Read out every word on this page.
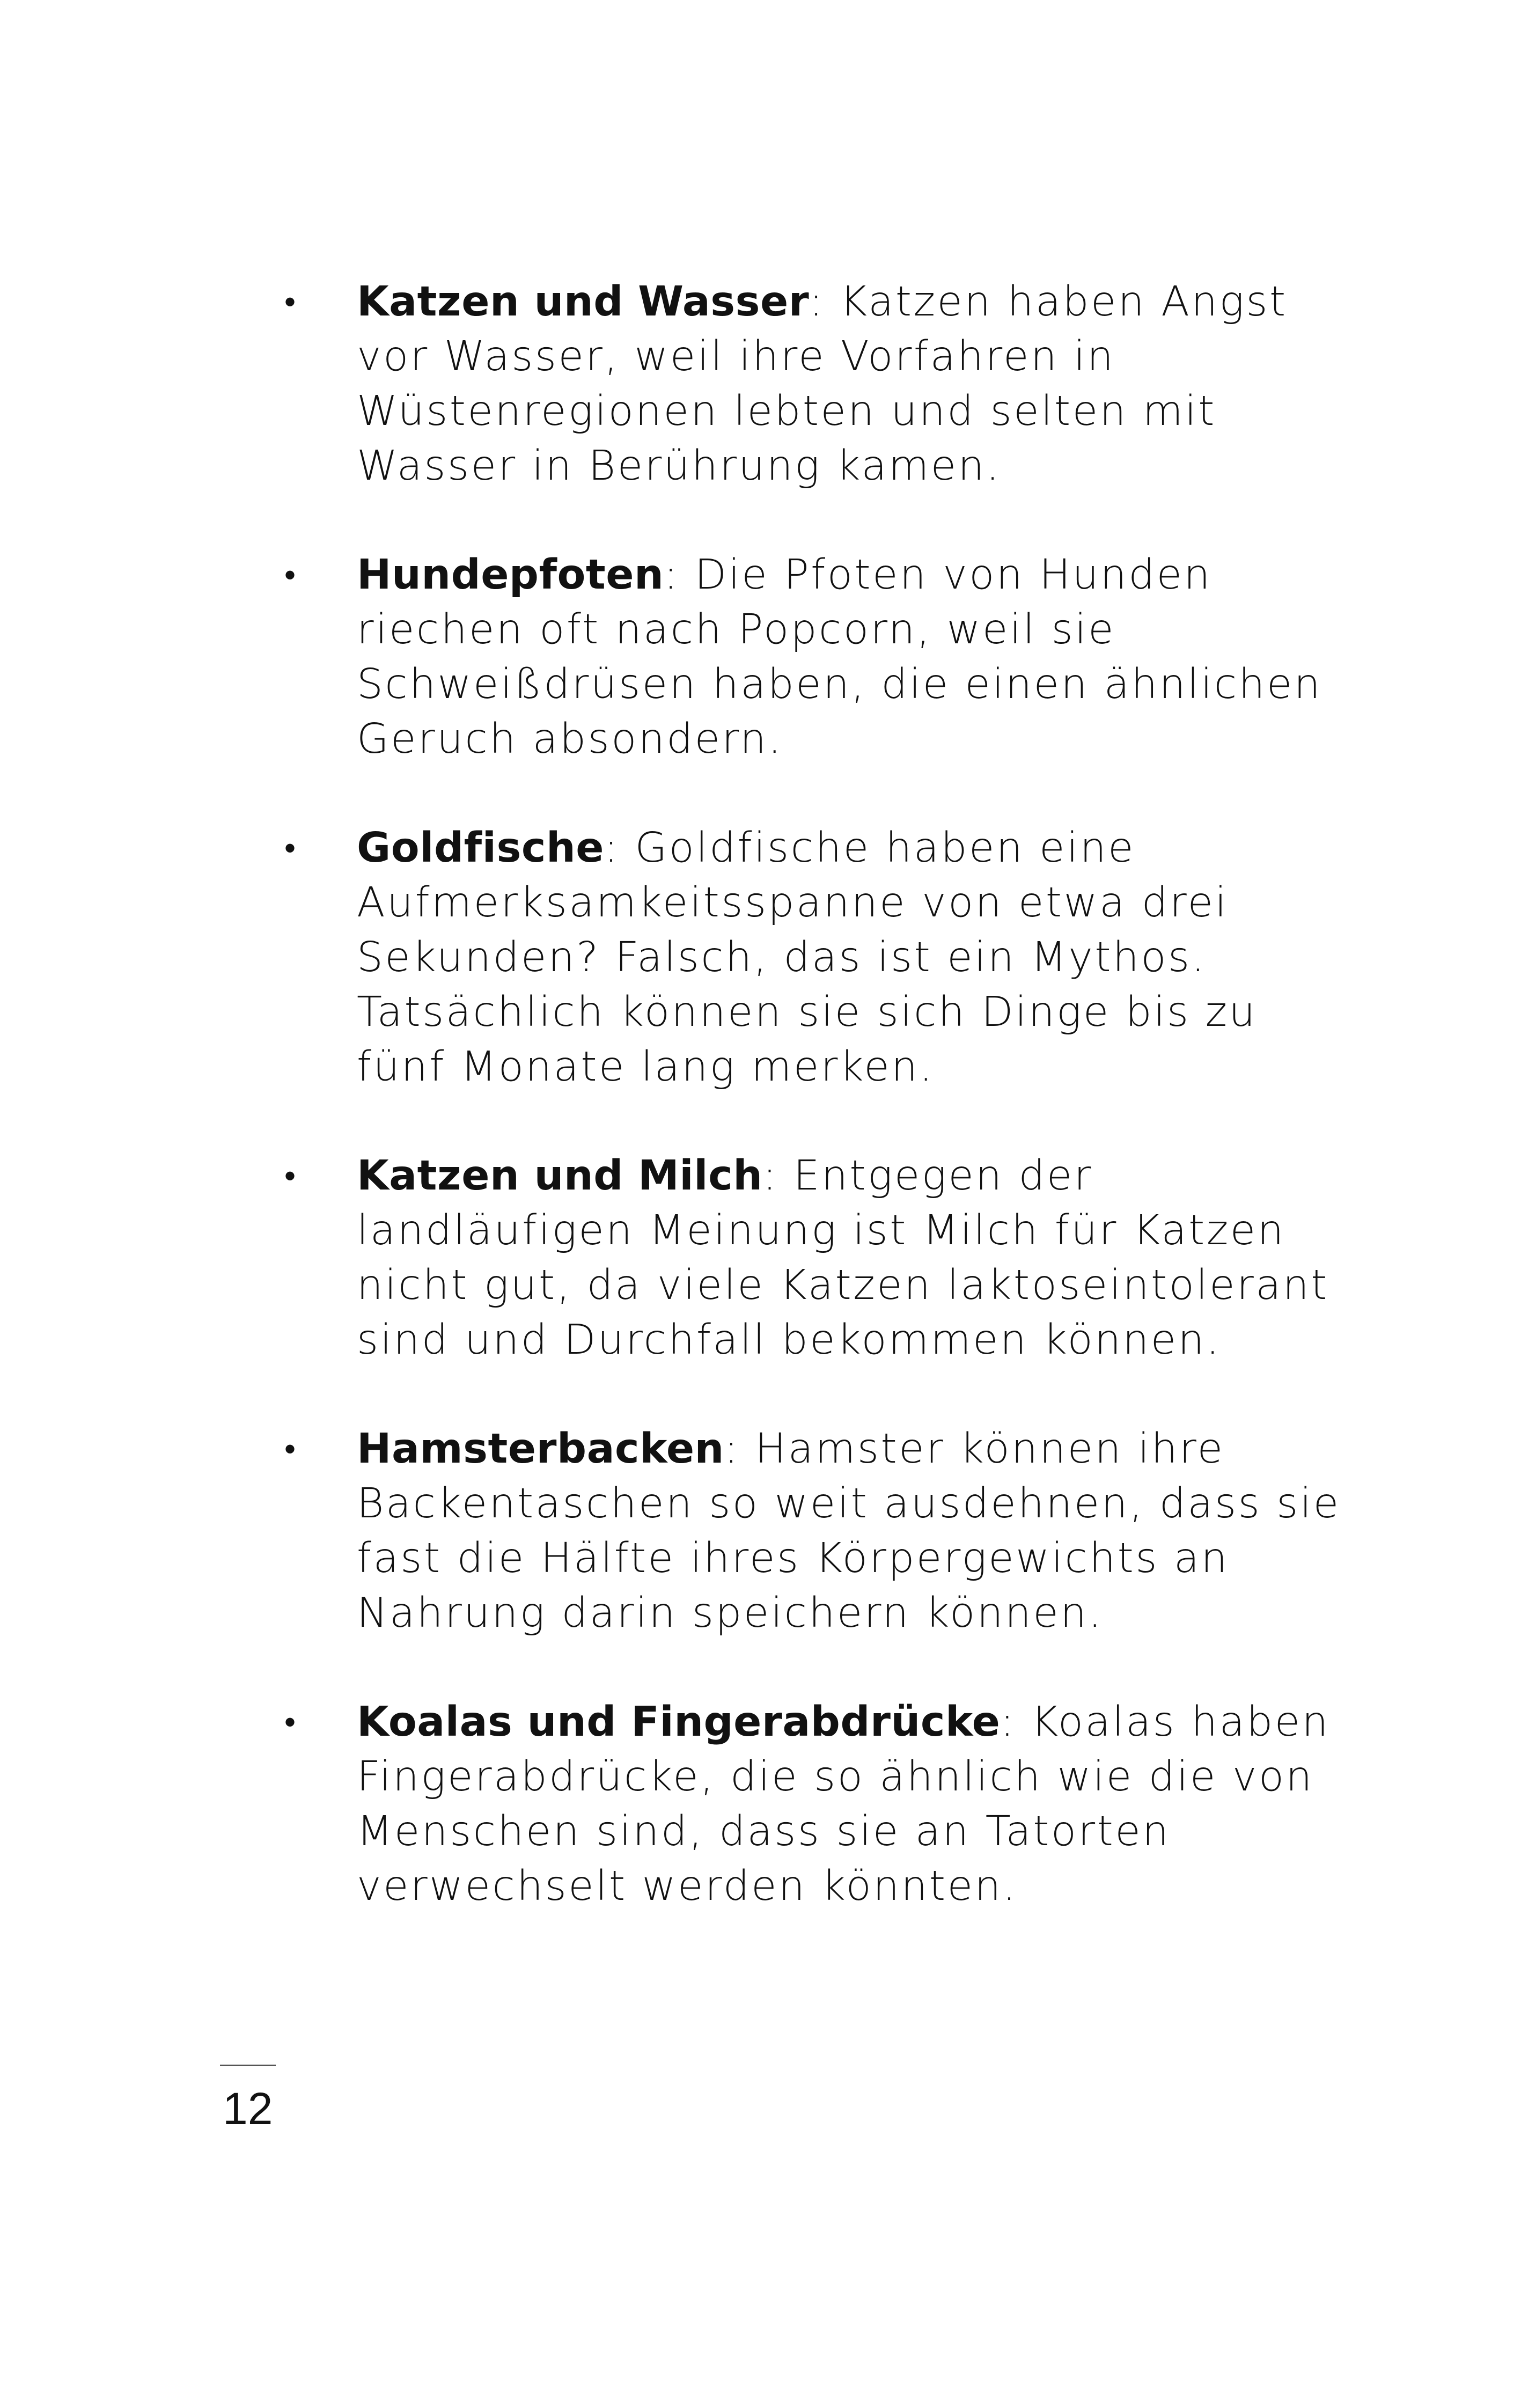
•	Katzen und Wasser: Katzen haben Angst
vor Wasser, weil ihre Vorfahren in
Wüstenregionen lebten und selten mit
Wasser in Berührung kamen.
•	Hundepfoten: Die Pfoten von Hunden
riechen oft nach Popcorn, weil sie
Schweißdrüsen haben, die einen ähnlichen
Geruch absondern.
•	Goldfische: Goldfische haben eine
Aufmerksamkeitsspanne von etwa drei
Sekunden? Falsch, das ist ein Mythos.
Tatsächlich können sie sich Dinge bis zu
fünf Monate lang merken.
•	Katzen und Milch: Entgegen der
landläufigen Meinung ist Milch für Katzen
nicht gut, da viele Katzen laktoseintolerant
sind und Durchfall bekommen können.
•	Hamsterbacken: Hamster können ihre
Backentaschen so weit ausdehnen, dass sie
fast die Hälfte ihres Körpergewichts an
Nahrung darin speichern können.
•	Koalas und Fingerabdrücke: Koalas haben
Fingerabdrücke, die so ähnlich wie die von
Menschen sind, dass sie an Tatorten
verwechselt werden könnten.
12
